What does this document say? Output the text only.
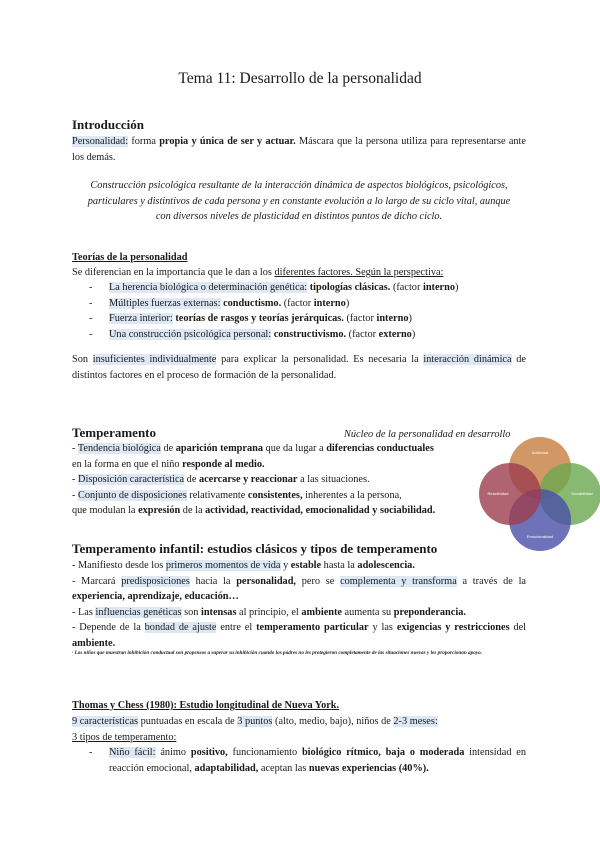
Tema 11: Desarrollo de la personalidad
Introducción
Personalidad: forma propia y única de ser y actuar. Máscara que la persona utiliza para representarse ante los demás.
Construcción psicológica resultante de la interacción dinámica de aspectos biológicos, psicológicos, particulares y distintivos de cada persona y en constante evolución a lo largo de su ciclo vital, aunque con diversos niveles de plasticidad en distintos puntos de dicho ciclo.
Teorías de la personalidad
Se diferencian en la importancia que le dan a los diferentes factores. Según la perspectiva:
- La herencia biológica o determinación genética: tipologías clásicas. (factor interno)
- Múltiples fuerzas externas: conductismo. (factor interno)
- Fuerza interior: teorías de rasgos y teorías jerárquicas. (factor interno)
- Una construcción psicológica personal: constructivismo. (factor externo)
Son insuficientes individualmente para explicar la personalidad. Es necesaria la interacción dinámica de distintos factores en el proceso de formación de la personalidad.
Temperamento	Núcleo de la personalidad en desarrollo
- Tendencia biológica de aparición temprana que da lugar a diferencias conductuales
en la forma en que el niño responde al medio.
- Disposición característica de acercarse y reaccionar a las situaciones.
- Conjunto de disposiciones relativamente consistentes, inherentes a la persona,
que modulan la expresión de la actividad, reactividad, emocionalidad y sociabilidad.
Actividad
Sociabilidad
Emocionalidad
Reactividad
Temperamento infantil: estudios clásicos y tipos de temperamento
- Manifiesto desde los primeros momentos de vida y estable hasta la adolescencia.
- Marcará predisposiciones hacia la personalidad, pero se complementa y transforma a través de la experiencia, aprendizaje, educación…
- Las influencias genéticas son intensas al principio, el ambiente aumenta su preponderancia.
- Depende de la bondad de ajuste entre el temperamento particular y las exigencias y restricciones del ambiente.
· Los niños que muestran inhibición conductual son propensos a superar su inhibición cuando los padres no les protegieron completamente de las situaciones nuevas y les proporcionan apoyo.
Thomas y Chess (1980): Estudio longitudinal de Nueva York.
9 características puntuadas en escala de 3 puntos (alto, medio, bajo), niños de 2-3 meses:
3 tipos de temperamento:
- Niño fácil: ánimo positivo, funcionamiento biológico rítmico, baja o moderada intensidad en reacción emocional, adaptabilidad, aceptan las nuevas experiencias (40%).
